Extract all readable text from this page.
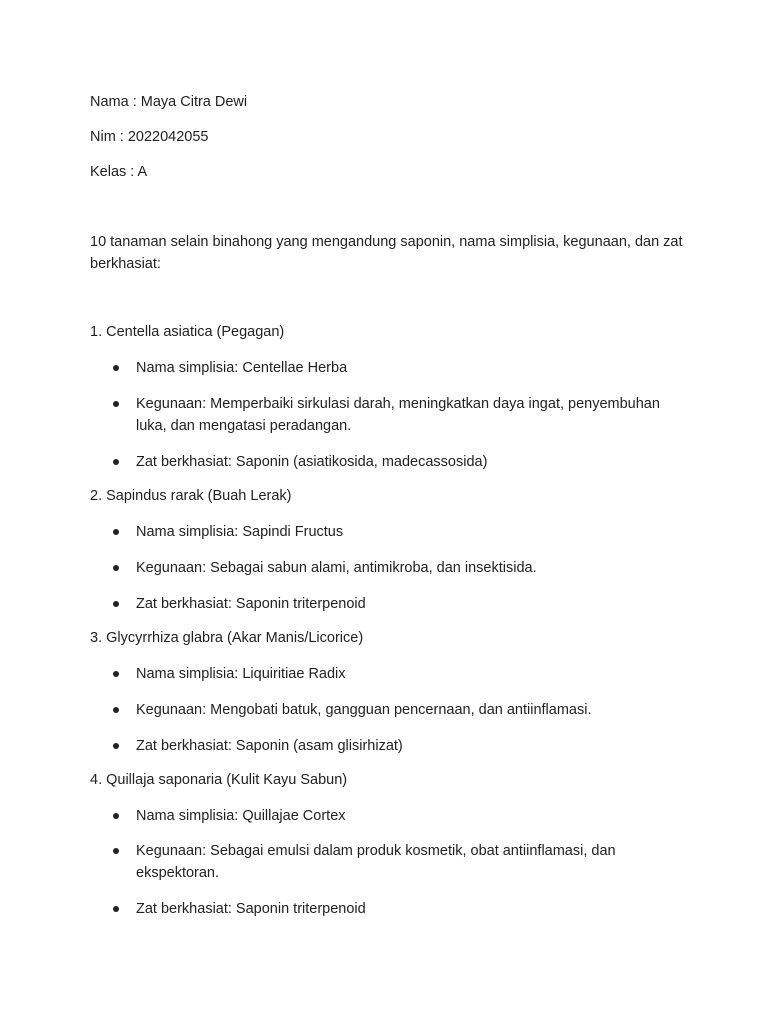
Nama : Maya Citra Dewi
Nim : 2022042055
Kelas : A
10 tanaman selain binahong yang mengandung saponin, nama simplisia, kegunaan, dan zat berkhasiat:
1. Centella asiatica (Pegagan)
Nama simplisia: Centellae Herba
Kegunaan: Memperbaiki sirkulasi darah, meningkatkan daya ingat, penyembuhan luka, dan mengatasi peradangan.
Zat berkhasiat: Saponin (asiatikosida, madecassosida)
2. Sapindus rarak (Buah Lerak)
Nama simplisia: Sapindi Fructus
Kegunaan: Sebagai sabun alami, antimikroba, dan insektisida.
Zat berkhasiat: Saponin triterpenoid
3. Glycyrrhiza glabra (Akar Manis/Licorice)
Nama simplisia: Liquiritiae Radix
Kegunaan: Mengobati batuk, gangguan pencernaan, dan antiinflamasi.
Zat berkhasiat: Saponin (asam glisirhizat)
4. Quillaja saponaria (Kulit Kayu Sabun)
Nama simplisia: Quillajae Cortex
Kegunaan: Sebagai emulsi dalam produk kosmetik, obat antiinflamasi, dan ekspektoran.
Zat berkhasiat: Saponin triterpenoid
